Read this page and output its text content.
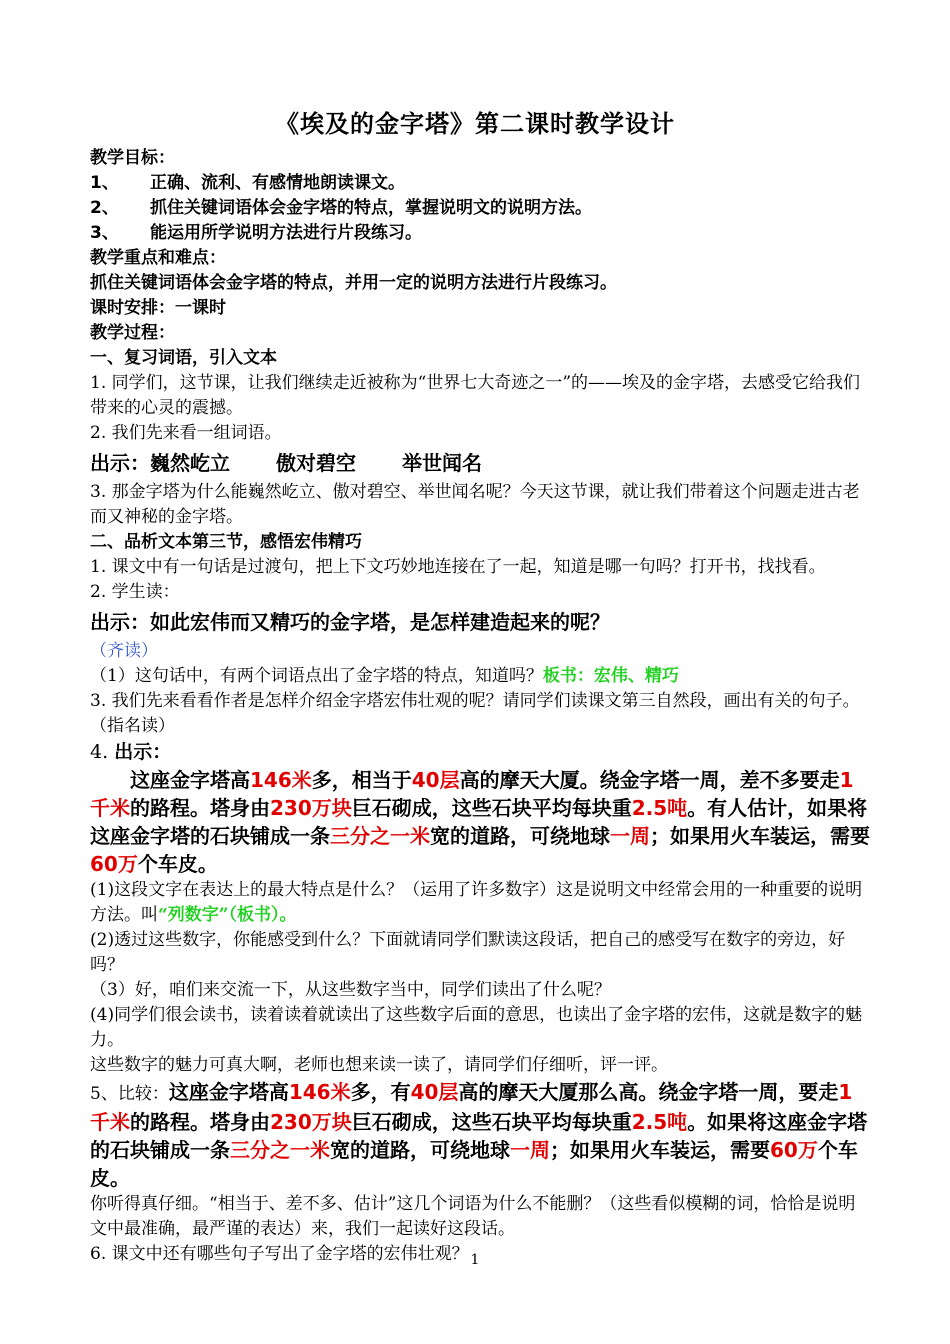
《埃及的金字塔》第二课时教学设计
教学目标：
1、 正确、流利、有感情地朗读课文。
2、 抓住关键词语体会金字塔的特点，掌握说明文的说明方法。
3、 能运用所学说明方法进行片段练习。
教学重点和难点：
抓住关键词语体会金字塔的特点，并用一定的说明方法进行片段练习。
课时安排：一课时
教学过程：
一、复习词语，引入文本
1. 同学们，这节课，让我们继续走近被称为“世界七大奇迹之一”的——埃及的金字塔，去感受它给我们带来的心灵的震撼。
2. 我们先来看一组词语。
出示：巍然屹立 傲对碧空 举世闻名
3. 那金字塔为什么能巍然屹立、傲对碧空、举世闻名呢？今天这节课，就让我们带着这个问题走进古老而又神秘的金字塔。
二、品析文本第三节，感悟宏伟精巧
1. 课文中有一句话是过渡句，把上下文巧妙地连接在了一起，知道是哪一句吗？打开书，找找看。
2. 学生读：
出示：如此宏伟而又精巧的金字塔，是怎样建造起来的呢？
（齐读）
（1）这句话中，有两个词语点出了金字塔的特点，知道吗？板书：宏伟、精巧
3. 我们先来看看作者是怎样介绍金字塔宏伟壮观的呢？请同学们读课文第三自然段，画出有关的句子。（指名读）
4. 出示：
这座金字塔高146米多，相当于40层高的摩天大厦。绕金字塔一周，差不多要走1千米的路程。塔身由230万块巨石砌成，这些石块平均每块重2.5吨。有人估计，如果将这座金字塔的石块铺成一条三分之一米宽的道路，可绕地球一周；如果用火车装运，需要60万个车皮。
(1)这段文字在表达上的最大特点是什么？（运用了许多数字）这是说明文中经常会用的一种重要的说明方法。叫“列数字”（板书）。
(2)透过这些数字，你能感受到什么？下面就请同学们默读这段话，把自己的感受写在数字的旁边，好吗？
（3）好，咱们来交流一下，从这些数字当中，同学们读出了什么呢？
(4)同学们很会读书，读着读着就读出了这些数字后面的意思，也读出了金字塔的宏伟，这就是数字的魅力。
这些数字的魅力可真大啊，老师也想来读一读了，请同学们仔细听，评一评。
5、比较：这座金字塔高146米多，有40层高的摩天大厦那么高。绕金字塔一周，要走1千米的路程。塔身由230万块巨石砌成，这些石块平均每块重2.5吨。如果将这座金字塔的石块铺成一条三分之一米宽的道路，可绕地球一周；如果用火车装运，需要60万个车皮。
你听得真仔细。“相当于、差不多、估计”这几个词语为什么不能删？（这些看似模糊的词，恰恰是说明文中最准确，最严谨的表达）来，我们一起读好这段话。
6. 课文中还有哪些句子写出了金字塔的宏伟壮观？ 1
